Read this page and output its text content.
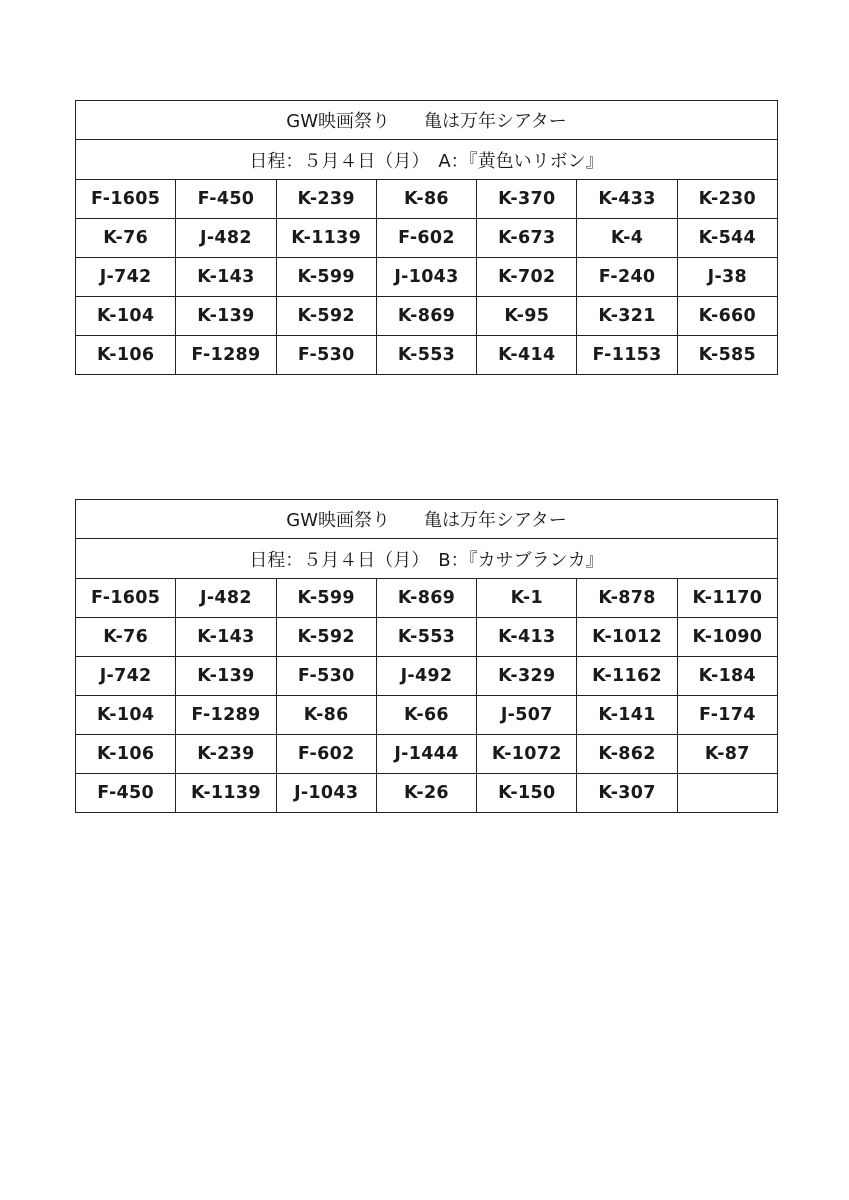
GW映画祭り 亀は万年シアター						
日程：５月４日（月）　A：『黄色いリボン』						
F-1605	F-450	K-239	K-86	K-370	K-433	K-230
K-76	J-482	K-1139	F-602	K-673	K-4	K-544
J-742	K-143	K-599	J-1043	K-702	F-240	J-38
K-104	K-139	K-592	K-869	K-95	K-321	K-660
K-106	F-1289	F-530	K-553	K-414	F-1153	K-585
GW映画祭り 亀は万年シアター						
日程：５月４日（月）　B：『カサブランカ』						
F-1605	J-482	K-599	K-869	K-1	K-878	K-1170
K-76	K-143	K-592	K-553	K-413	K-1012	K-1090
J-742	K-139	F-530	J-492	K-329	K-1162	K-184
K-104	F-1289	K-86	K-66	J-507	K-141	F-174
K-106	K-239	F-602	J-1444	K-1072	K-862	K-87
F-450	K-1139	J-1043	K-26	K-150	K-307	
